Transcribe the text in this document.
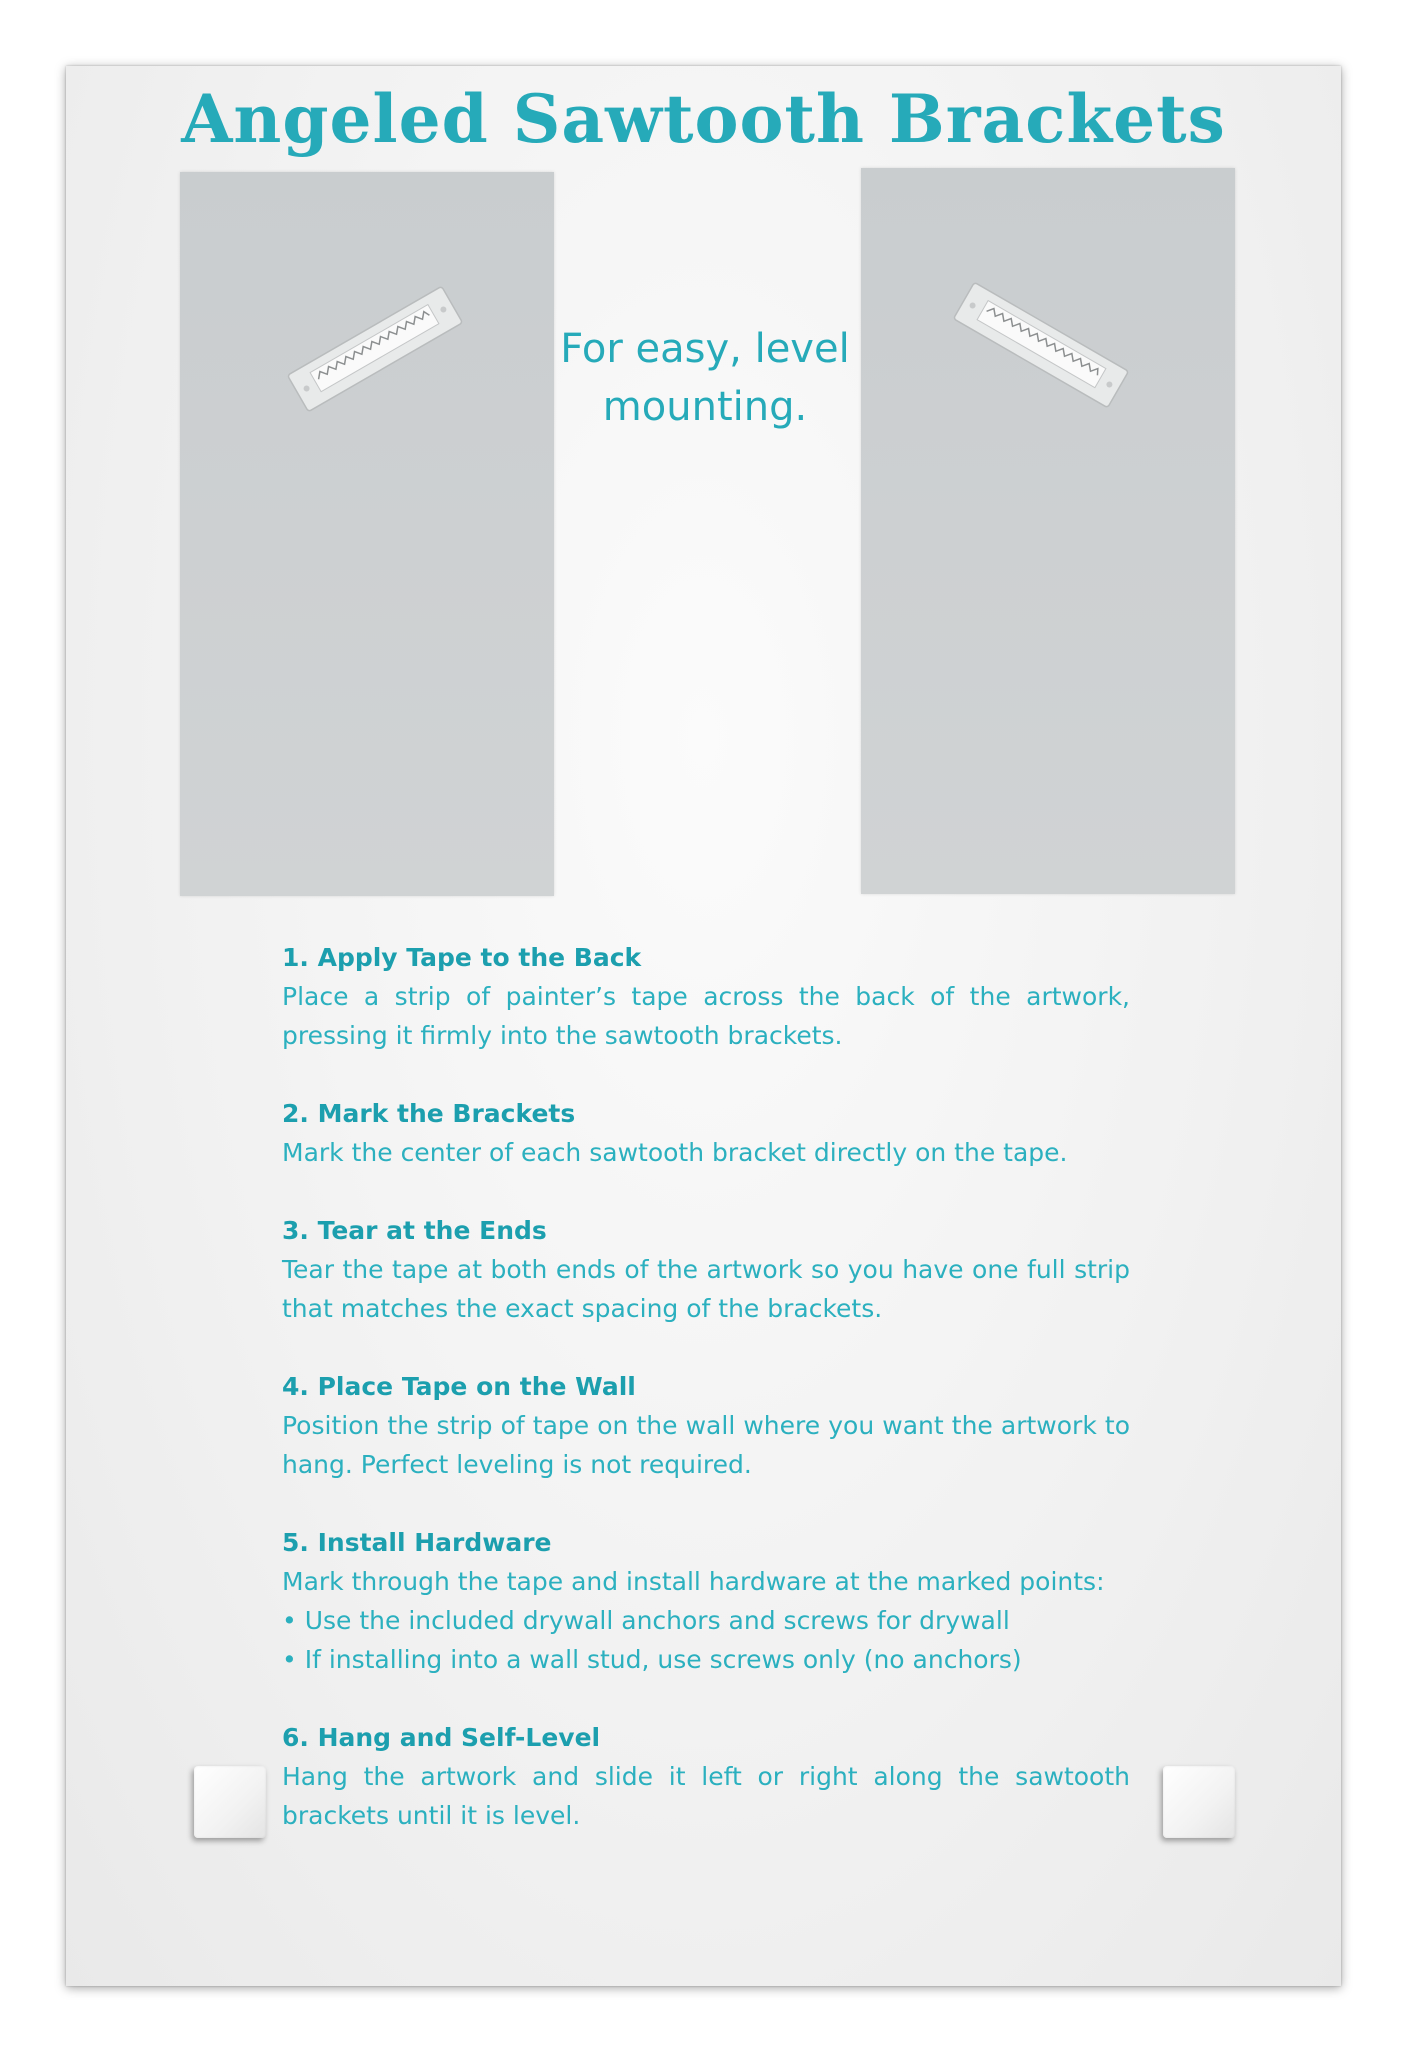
Angeled Sawtooth Brackets
For easy, level
mounting.
1. Apply Tape to the Back
Place a strip of painter’s tape across the back of the artwork, pressing it firmly into the sawtooth brackets.
2. Mark the Brackets
Mark the center of each sawtooth bracket directly on the tape.
3. Tear at the Ends
Tear the tape at both ends of the artwork so you have one full strip that matches the exact spacing of the brackets.
4. Place Tape on the Wall
Position the strip of tape on the wall where you want the artwork to hang. Perfect leveling is not required.
5. Install Hardware
Mark through the tape and install hardware at the marked points:
• Use the included drywall anchors and screws for drywall
• If installing into a wall stud, use screws only (no anchors)
6. Hang and Self-Level
Hang the artwork and slide it left or right along the sawtooth brackets until it is level.
